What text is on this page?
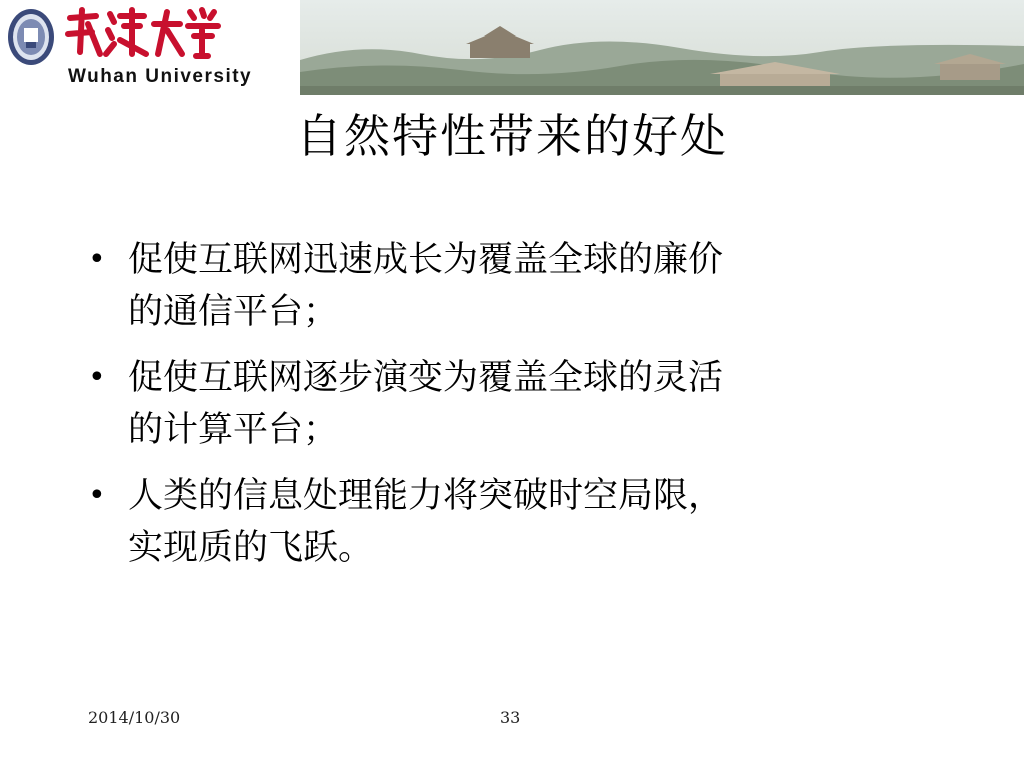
Wuhan University
自然特性带来的好处
• 促使互联网迅速成长为覆盖全球的廉价
的通信平台；
• 促使互联网逐步演变为覆盖全球的灵活
的计算平台；
• 人类的信息处理能力将突破时空局限，
实现质的飞跃。
2014/10/30	33
